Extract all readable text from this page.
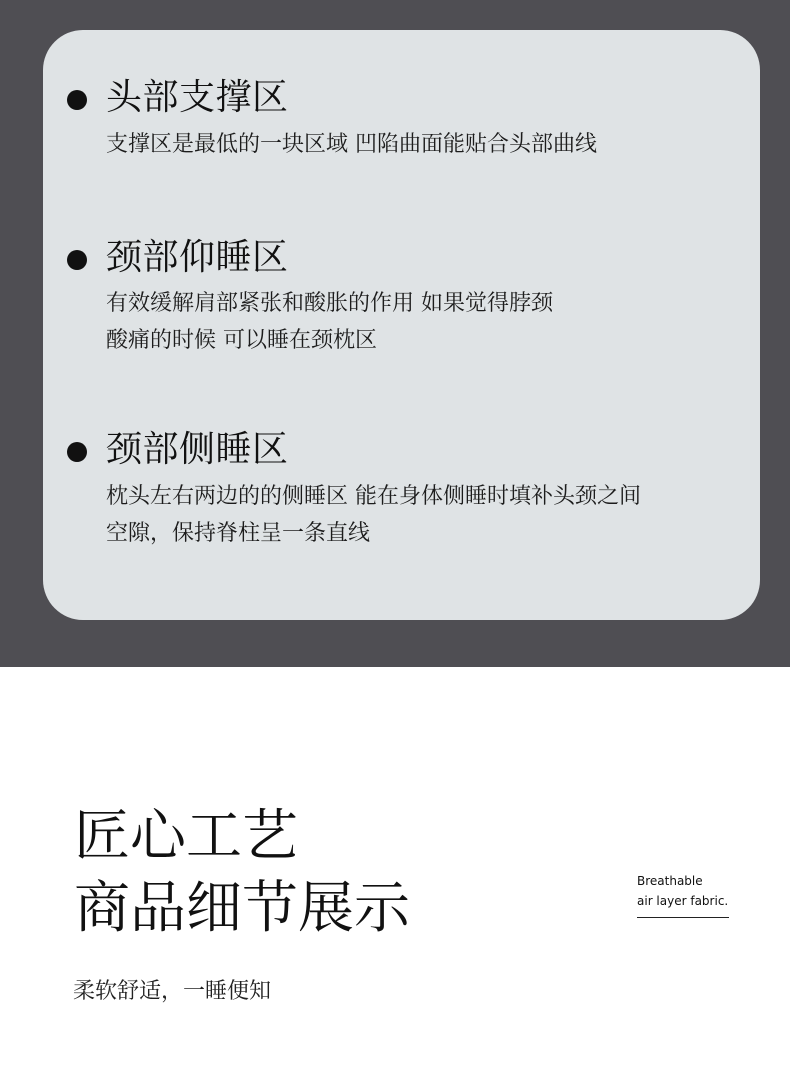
头部支撑区
支撑区是最低的一块区域 凹陷曲面能贴合头部曲线
颈部仰睡区
有效缓解肩部紧张和酸胀的作用 如果觉得脖颈
酸痛的时候 可以睡在颈枕区
颈部侧睡区
枕头左右两边的的侧睡区 能在身体侧睡时填补头颈之间
空隙，保持脊柱呈一条直线
匠心工艺
商品细节展示
柔软舒适，一睡便知
Breathable
air layer fabric.
